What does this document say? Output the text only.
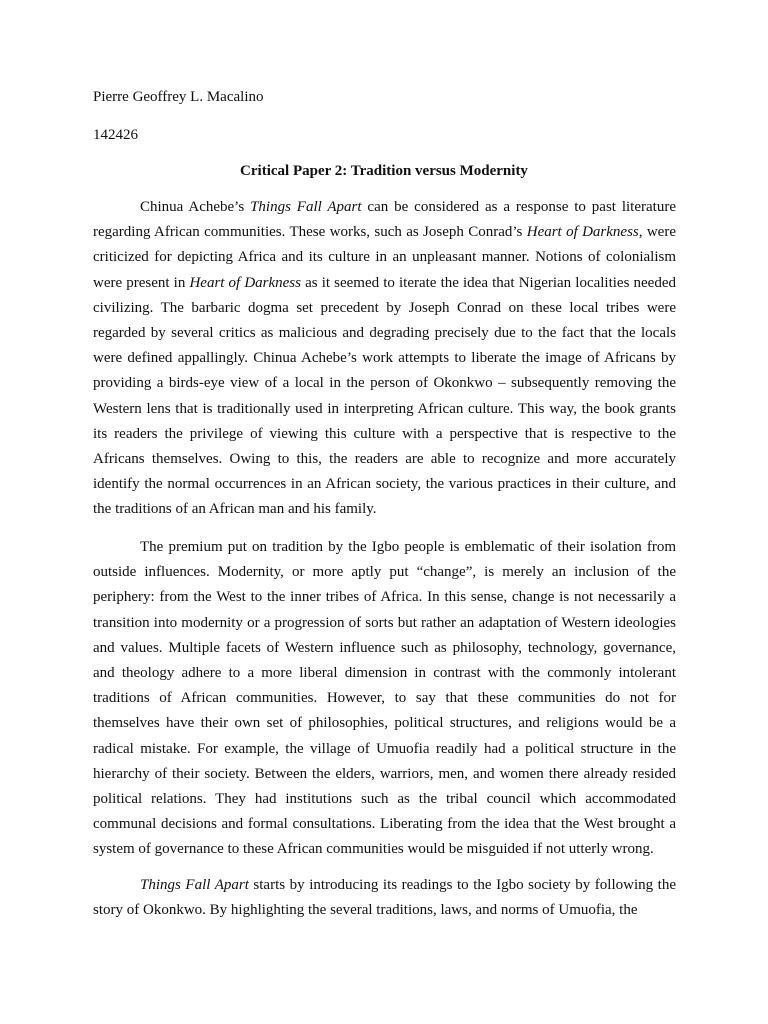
Pierre Geoffrey L. Macalino
142426
Critical Paper 2: Tradition versus Modernity

Chinua Achebe’s Things Fall Apart can be considered as a response to past literature regarding African communities. These works, such as Joseph Conrad’s Heart of Darkness, were criticized for depicting Africa and its culture in an unpleasant manner. Notions of colonialism were present in Heart of Darkness as it seemed to iterate the idea that Nigerian localities needed civilizing. The barbaric dogma set precedent by Joseph Conrad on these local tribes were regarded by several critics as malicious and degrading precisely due to the fact that the locals were defined appallingly. Chinua Achebe’s work attempts to liberate the image of Africans by providing a birds-eye view of a local in the person of Okonkwo – subsequently removing the Western lens that is traditionally used in interpreting African culture. This way, the book grants its readers the privilege of viewing this culture with a perspective that is respective to the Africans themselves. Owing to this, the readers are able to recognize and more accurately identify the normal occurrences in an African society, the various practices in their culture, and the traditions of an African man and his family.

The premium put on tradition by the Igbo people is emblematic of their isolation from outside influences. Modernity, or more aptly put “change”, is merely an inclusion of the periphery: from the West to the inner tribes of Africa. In this sense, change is not necessarily a transition into modernity or a progression of sorts but rather an adaptation of Western ideologies and values. Multiple facets of Western influence such as philosophy, technology, governance, and theology adhere to a more liberal dimension in contrast with the commonly intolerant traditions of African communities. However, to say that these communities do not for themselves have their own set of philosophies, political structures, and religions would be a radical mistake. For example, the village of Umuofia readily had a political structure in the hierarchy of their society. Between the elders, warriors, men, and women there already resided political relations. They had institutions such as the tribal council which accommodated communal decisions and formal consultations. Liberating from the idea that the West brought a system of governance to these African communities would be misguided if not utterly wrong.

Things Fall Apart starts by introducing its readings to the Igbo society by following the story of Okonkwo. By highlighting the several traditions, laws, and norms of Umuofia, the
